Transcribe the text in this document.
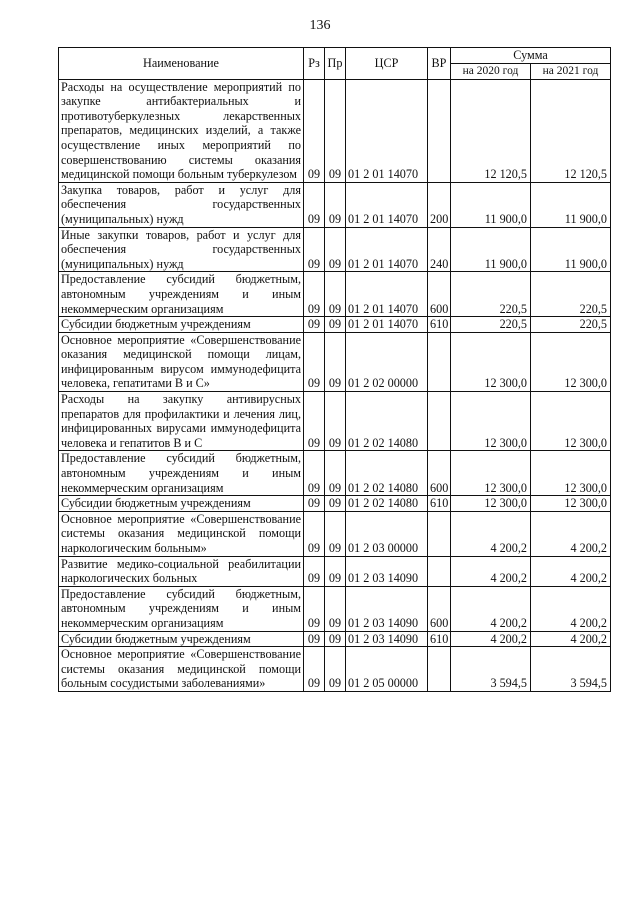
136
Наименование	Рз	Пр	ЦСР	ВР	Сумма	
					на 2020 год	на 2021 год
Расходы на осуществление мероприятий по закупке антибактериальных и противотуберкулезных лекарственных препаратов, медицинских изделий, а также осуществление иных мероприятий по совершенствованию системы оказания медицинской помощи больным туберкулезом	09	09	01 2 01 14070		12 120,5	12 120,5
Закупка товаров, работ и услуг для обеспечения государственных (муниципальных) нужд	09	09	01 2 01 14070	200	11 900,0	11 900,0
Иные закупки товаров, работ и услуг для обеспечения государственных (муниципальных) нужд	09	09	01 2 01 14070	240	11 900,0	11 900,0
Предоставление субсидий бюджетным, автономным учреждениям и иным некоммерческим организациям	09	09	01 2 01 14070	600	220,5	220,5
Субсидии бюджетным учреждениям	09	09	01 2 01 14070	610	220,5	220,5
Основное мероприятие «Совершенствование оказания медицинской помощи лицам, инфицированным вирусом иммунодефицита человека, гепатитами В и С»	09	09	01 2 02 00000		12 300,0	12 300,0
Расходы на закупку антивирусных препаратов для профилактики и лечения лиц, инфицированных вирусами иммунодефицита человека и гепатитов В и С	09	09	01 2 02 14080		12 300,0	12 300,0
Предоставление субсидий бюджетным, автономным учреждениям и иным некоммерческим организациям	09	09	01 2 02 14080	600	12 300,0	12 300,0
Субсидии бюджетным учреждениям	09	09	01 2 02 14080	610	12 300,0	12 300,0
Основное мероприятие «Совершенствование системы оказания медицинской помощи наркологическим больным»	09	09	01 2 03 00000		4 200,2	4 200,2
Развитие медико-социальной реабилитации наркологических больных	09	09	01 2 03 14090		4 200,2	4 200,2
Предоставление субсидий бюджетным, автономным учреждениям и иным некоммерческим организациям	09	09	01 2 03 14090	600	4 200,2	4 200,2
Субсидии бюджетным учреждениям	09	09	01 2 03 14090	610	4 200,2	4 200,2
Основное мероприятие «Совершенствование системы оказания медицинской помощи больным сосудистыми заболеваниями»	09	09	01 2 05 00000		3 594,5	3 594,5
